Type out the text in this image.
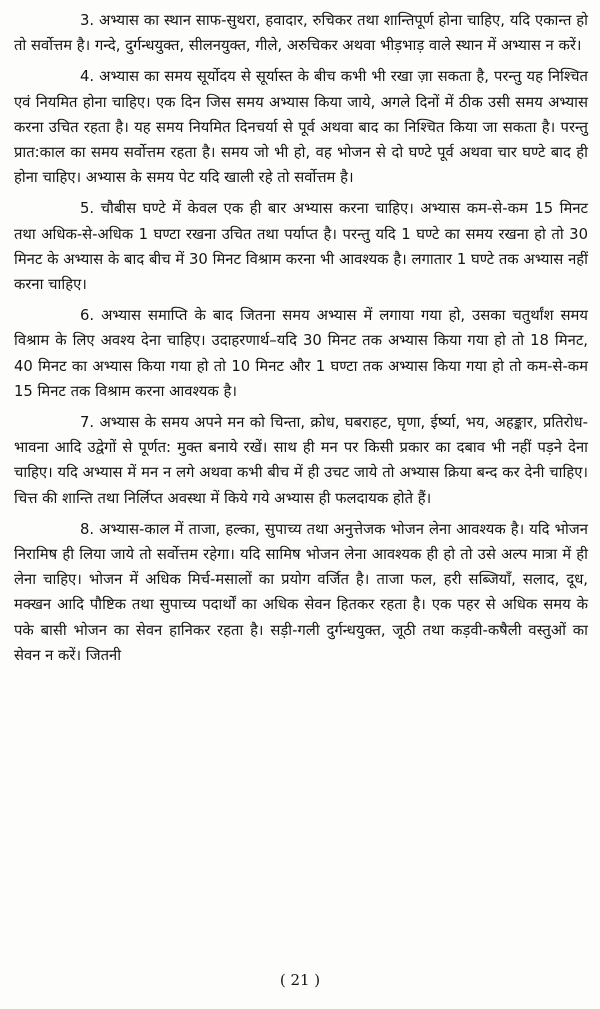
3. अभ्यास का स्थान साफ-सुथरा, हवादार, रुचिकर तथा शान्तिपूर्ण होना चाहिए, यदि एकान्त हो तो सर्वोत्तम है। गन्दे, दुर्गन्धयुक्त, सीलनयुक्त, गीले, अरुचिकर अथवा भीड़भाड़ वाले स्थान में अभ्यास न करें।

4. अभ्यास का समय सूर्योदय से सूर्यास्त के बीच कभी भी रखा ज़ा सकता है, परन्तु यह निश्चित एवं नियमित होना चाहिए। एक दिन जिस समय अभ्यास किया जाये, अगले दिनों में ठीक उसी समय अभ्यास करना उचित रहता है। यह समय नियमित दिनचर्या से पूर्व अथवा बाद का निश्चित किया जा सकता है। परन्तु प्रात:काल का समय सर्वोत्तम रहता है। समय जो भी हो, वह भोजन से दो घण्टे पूर्व अथवा चार घण्टे बाद ही होना चाहिए। अभ्यास के समय पेट यदि खाली रहे तो सर्वोत्तम है।

5. चौबीस घण्टे में केवल एक ही बार अभ्यास करना चाहिए। अभ्यास कम-से-कम 15 मिनट तथा अधिक-से-अधिक 1 घण्टा रखना उचित तथा पर्याप्त है। परन्तु यदि 1 घण्टे का समय रखना हो तो 30 मिनट के अभ्यास के बाद बीच में 30 मिनट विश्राम करना भी आवश्यक है। लगातार 1 घण्टे तक अभ्यास नहीं करना चाहिए।

6. अभ्यास समाप्ति के बाद जितना समय अभ्यास में लगाया गया हो, उसका चतुर्थांश समय विश्राम के लिए अवश्य देना चाहिए। उदाहरणार्थ–यदि 30 मिनट तक अभ्यास किया गया हो तो 18 मिनट, 40 मिनट का अभ्यास किया गया हो तो 10 मिनट और 1 घण्टा तक अभ्यास किया गया हो तो कम-से-कम 15 मिनट तक विश्राम करना आवश्यक है।

7. अभ्यास के समय अपने मन को चिन्ता, क्रोध, घबराहट, घृणा, ईर्ष्या, भय, अहङ्कार, प्रतिरोध-भावना आदि उद्वेगों से पूर्णत: मुक्त बनाये रखें। साथ ही मन पर किसी प्रकार का दबाव भी नहीं पड़ने देना चाहिए। यदि अभ्यास में मन न लगे अथवा कभी बीच में ही उचट जाये तो अभ्यास क्रिया बन्द कर देनी चाहिए। चित्त की शान्ति तथा निर्लिप्त अवस्था में किये गये अभ्यास ही फलदायक होते हैं।

8. अभ्यास-काल में ताजा, हल्का, सुपाच्य तथा अनुत्तेजक भोजन लेना आवश्यक है। यदि भोजन निरामिष ही लिया जाये तो सर्वोत्तम रहेगा। यदि सामिष भोजन लेना आवश्यक ही हो तो उसे अल्प मात्रा में ही लेना चाहिए। भोजन में अधिक मिर्च-मसालों का प्रयोग वर्जित है। ताजा फल, हरी सब्जियाँ, सलाद, दूध, मक्खन आदि पौष्टिक तथा सुपाच्य पदार्थों का अधिक सेवन हितकर रहता है। एक पहर से अधिक समय के पके बासी भोजन का सेवन हानिकर रहता है। सड़ी-गली दुर्गन्धयुक्त, जूठी तथा कड़वी-कषैली वस्तुओं का सेवन न करें। जितनी

( 21 )
